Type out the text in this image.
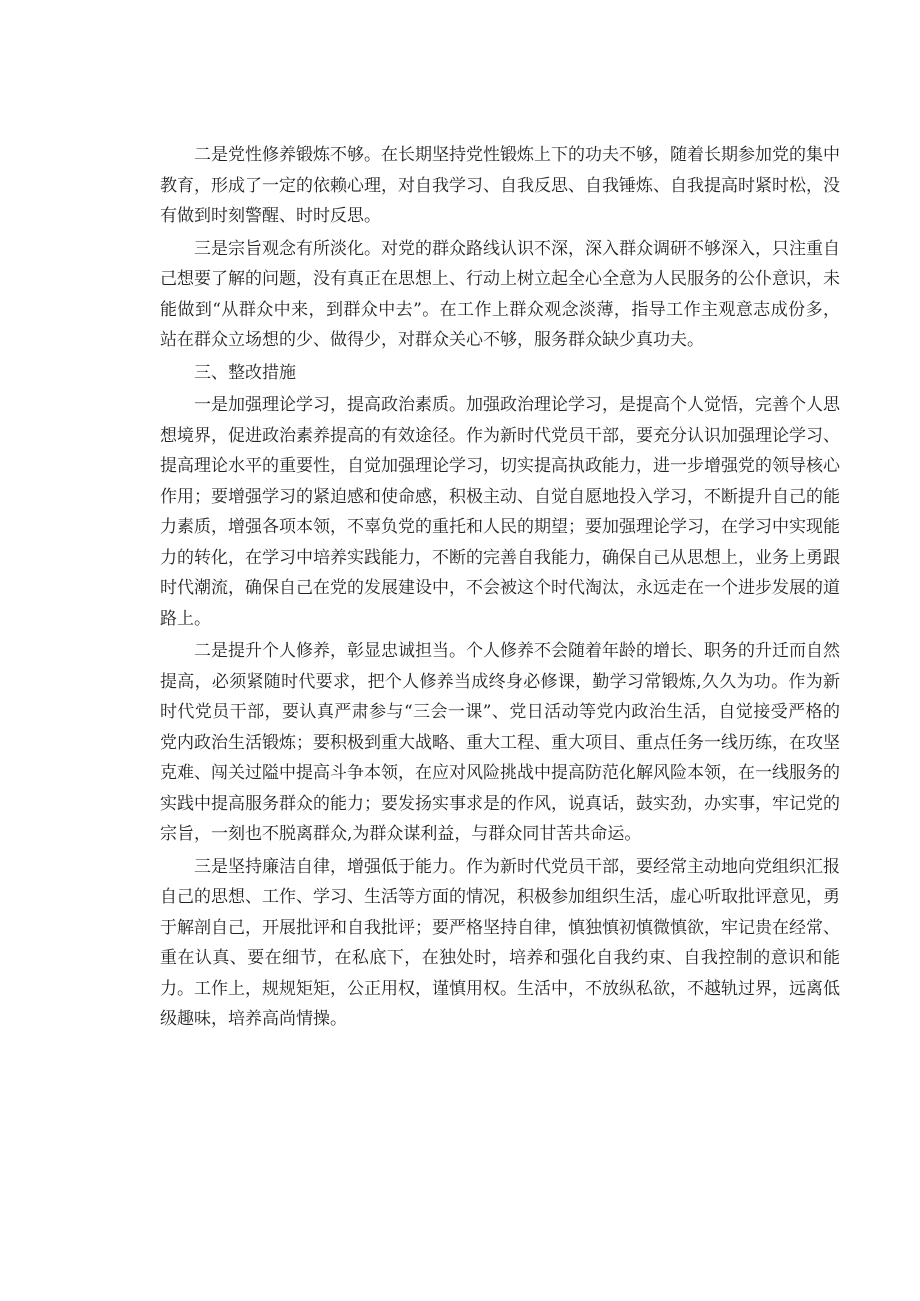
二是党性修养锻炼不够。在长期坚持党性锻炼上下的功夫不够，随着长期参加党的集中教育，形成了一定的依赖心理，对自我学习、自我反思、自我锤炼、自我提高时紧时松，没有做到时刻警醒、时时反思。

三是宗旨观念有所淡化。对党的群众路线认识不深，深入群众调研不够深入，只注重自己想要了解的问题，没有真正在思想上、行动上树立起全心全意为人民服务的公仆意识，未能做到“从群众中来，到群众中去”。在工作上群众观念淡薄，指导工作主观意志成份多，站在群众立场想的少、做得少，对群众关心不够，服务群众缺少真功夫。

三、整改措施

一是加强理论学习，提高政治素质。加强政治理论学习，是提高个人觉悟，完善个人思想境界，促进政治素养提高的有效途径。作为新时代党员干部，要充分认识加强理论学习、提高理论水平的重要性，自觉加强理论学习，切实提高执政能力，进一步增强党的领导核心作用；要增强学习的紧迫感和使命感，积极主动、自觉自愿地投入学习，不断提升自己的能力素质，增强各项本领，不辜负党的重托和人民的期望；要加强理论学习，在学习中实现能力的转化，在学习中培养实践能力，不断的完善自我能力，确保自己从思想上，业务上勇跟时代潮流，确保自己在党的发展建设中，不会被这个时代淘汰，永远走在一个进步发展的道路上。

二是提升个人修养，彰显忠诚担当。个人修养不会随着年龄的增长、职务的升迁而自然提高，必须紧随时代要求，把个人修养当成终身必修课，勤学习常锻炼,久久为功。作为新时代党员干部，要认真严肃参与“三会一课”、党日活动等党内政治生活，自觉接受严格的党内政治生活锻炼；要积极到重大战略、重大工程、重大项目、重点任务一线历练，在攻坚克难、闯关过隘中提高斗争本领，在应对风险挑战中提高防范化解风险本领，在一线服务的实践中提高服务群众的能力；要发扬实事求是的作风，说真话，鼓实劲，办实事，牢记党的宗旨，一刻也不脱离群众,为群众谋利益，与群众同甘苦共命运。

三是坚持廉洁自律，增强低于能力。作为新时代党员干部，要经常主动地向党组织汇报自己的思想、工作、学习、生活等方面的情况，积极参加组织生活，虚心听取批评意见，勇于解剖自己，开展批评和自我批评；要严格坚持自律，慎独慎初慎微慎欲，牢记贵在经常、重在认真、要在细节，在私底下，在独处时，培养和强化自我约束、自我控制的意识和能力。工作上，规规矩矩，公正用权，谨慎用权。生活中，不放纵私欲，不越轨过界，远离低级趣味，培养高尚情操。
